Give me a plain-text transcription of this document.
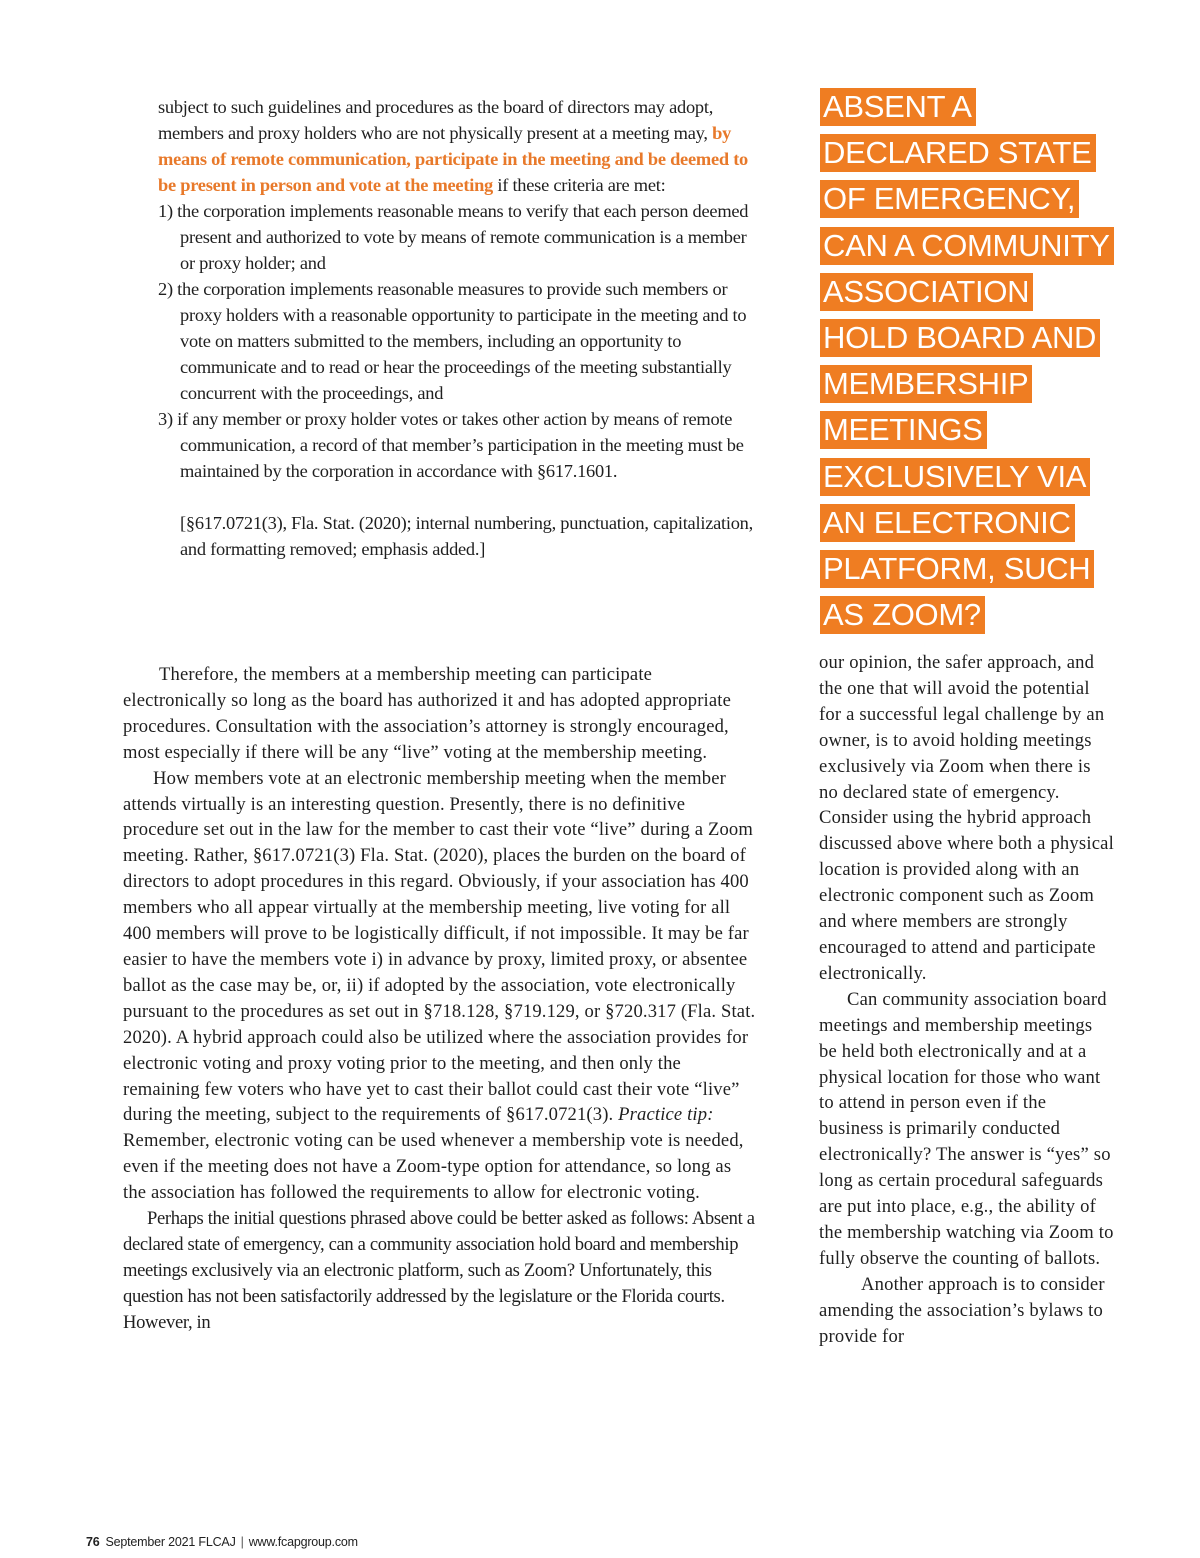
subject to such guidelines and procedures as the board of directors may adopt, members and proxy holders who are not physically present at a meeting may, by means of remote communication, participate in the meeting and be deemed to be present in person and vote at the meeting if these criteria are met:

1) the corporation implements reasonable means to verify that each person deemed present and authorized to vote by means of remote communication is a member or proxy holder; and
2) the corporation implements reasonable measures to provide such members or proxy holders with a reasonable opportunity to participate in the meeting and to vote on matters submitted to the members, including an opportunity to communicate and to read or hear the proceedings of the meeting substantially concurrent with the proceedings, and
3) if any member or proxy holder votes or takes other action by means of remote communication, a record of that member’s participation in the meeting must be maintained by the corporation in accordance with §617.1601.

[§617.0721(3), Fla. Stat. (2020); internal numbering, punctuation, capitalization, and formatting removed; emphasis added.]

ABSENT A
DECLARED STATE
OF EMERGENCY,
CAN A COMMUNITY
ASSOCIATION
HOLD BOARD AND
MEMBERSHIP
MEETINGS
EXCLUSIVELY VIA
AN ELECTRONIC
PLATFORM, SUCH
AS ZOOM?

Therefore, the members at a membership meeting can participate electronically so long as the board has authorized it and has adopted appropriate procedures. Consultation with the association’s attorney is strongly encouraged, most especially if there will be any “live” voting at the membership meeting.

How members vote at an electronic membership meeting when the member attends virtually is an interesting question. Presently, there is no definitive procedure set out in the law for the member to cast their vote “live” during a Zoom meeting. Rather, §617.0721(3) Fla. Stat. (2020), places the burden on the board of directors to adopt procedures in this regard. Obviously, if your association has 400 members who all appear virtually at the membership meeting, live voting for all 400 members will prove to be logistically difficult, if not impossible. It may be far easier to have the members vote i) in advance by proxy, limited proxy, or absentee ballot as the case may be, or, ii) if adopted by the association, vote electronically pursuant to the procedures as set out in §718.128, §719.129, or §720.317 (Fla. Stat. 2020). A hybrid approach could also be utilized where the association provides for electronic voting and proxy voting prior to the meeting, and then only the remaining few voters who have yet to cast their ballot could cast their vote “live” during the meeting, subject to the requirements of §617.0721(3). Practice tip: Remember, electronic voting can be used whenever a membership vote is needed, even if the meeting does not have a Zoom-type option for attendance, so long as the association has followed the requirements to allow for electronic voting.

Perhaps the initial questions phrased above could be better asked as follows: Absent a declared state of emergency, can a community association hold board and membership meetings exclusively via an electronic platform, such as Zoom? Unfortunately, this question has not been satisfactorily addressed by the legislature or the Florida courts. However, in

our opinion, the safer approach, and the one that will avoid the potential for a successful legal challenge by an owner, is to avoid holding meetings exclusively via Zoom when there is no declared state of emergency. Consider using the hybrid approach discussed above where both a physical location is provided along with an electronic component such as Zoom and where members are strongly encouraged to attend and participate electronically.

Can community association board meetings and membership meetings be held both electronically and at a physical location for those who want to attend in person even if the business is primarily conducted electronically? The answer is “yes” so long as certain procedural safeguards are put into place, e.g., the ability of the membership watching via Zoom to fully observe the counting of ballots.

Another approach is to consider amending the association’s bylaws to provide for

76 September 2021 FLCAJ | www.fcapgroup.com
